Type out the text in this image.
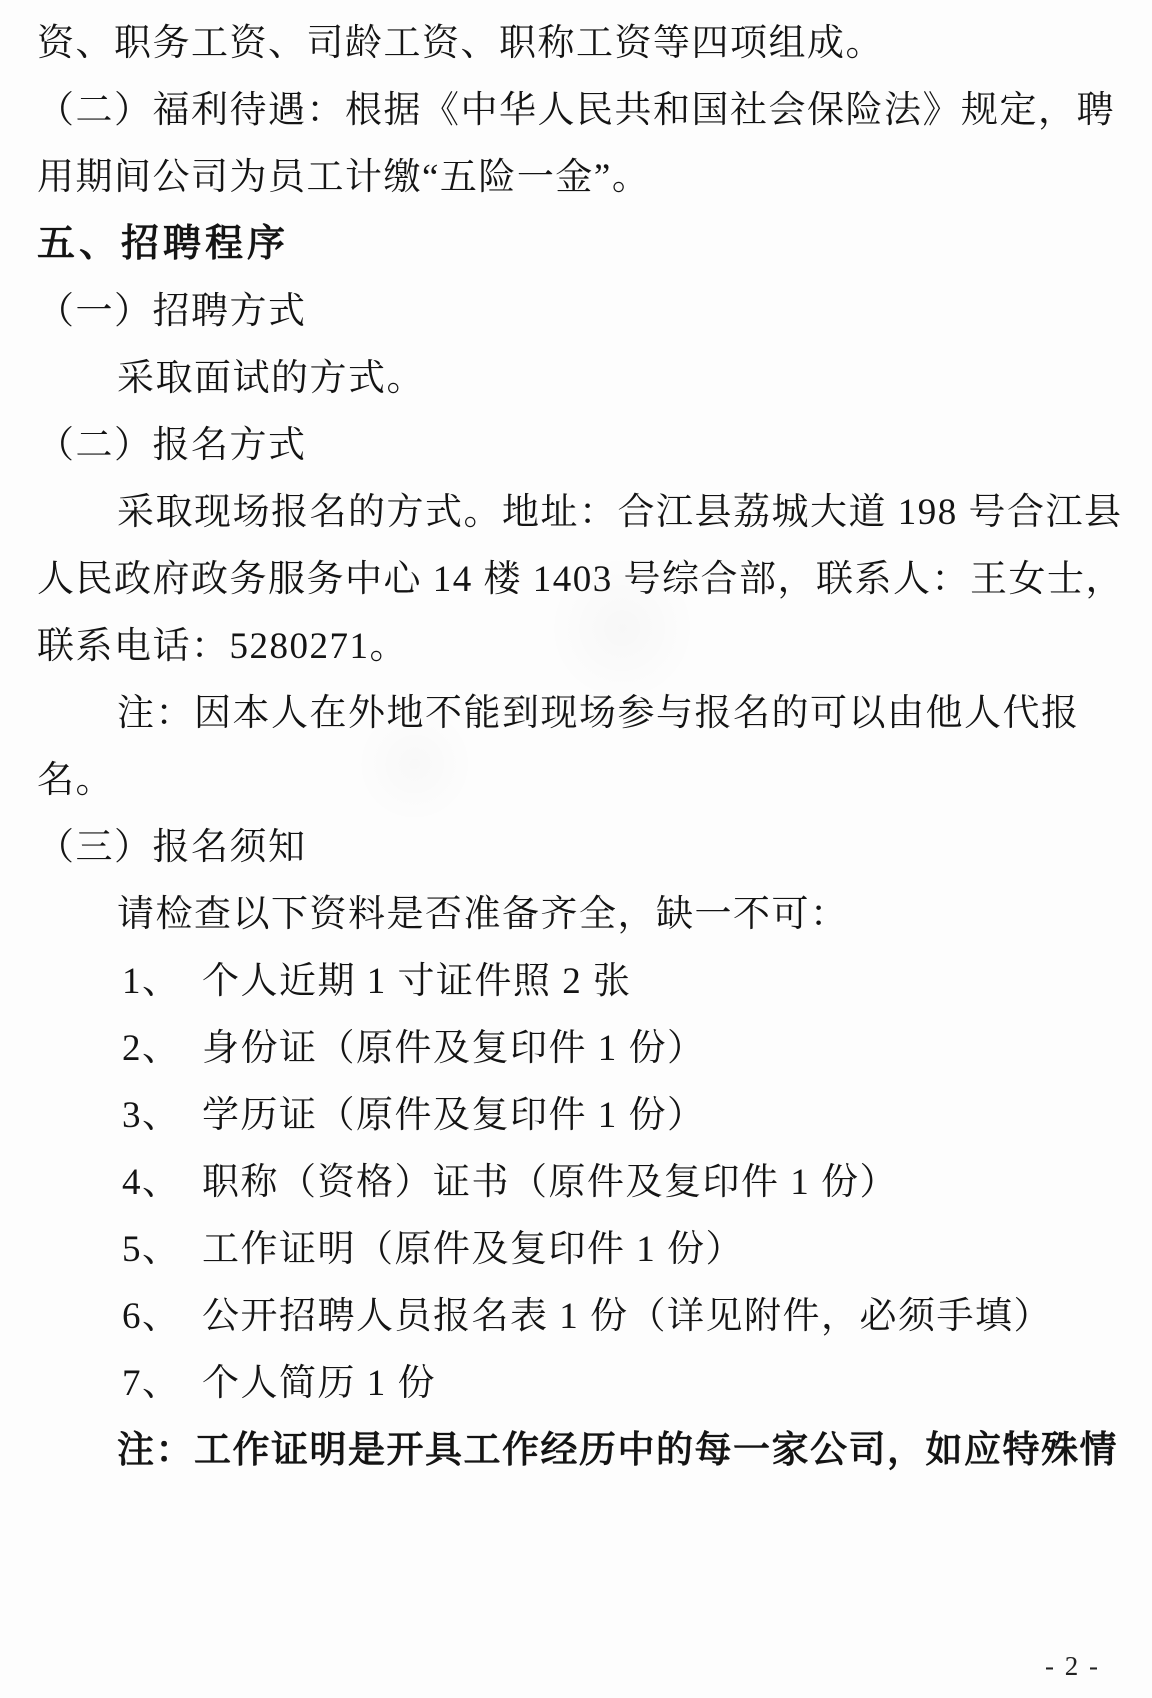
资、职务工资、司龄工资、职称工资等四项组成。
（二）福利待遇：根据《中华人民共和国社会保险法》规定，聘
用期间公司为员工计缴“五险一金”。
五、招聘程序
（一）招聘方式
采取面试的方式。
（二）报名方式
采取现场报名的方式。地址：合江县荔城大道 198 号合江县
人民政府政务服务中心 14 楼 1403 号综合部，联系人：王女士，
联系电话：5280271。
注：因本人在外地不能到现场参与报名的可以由他人代报
名。
（三）报名须知
请检查以下资料是否准备齐全，缺一不可：
1、 个人近期 1 寸证件照 2 张
2、 身份证（原件及复印件 1 份）
3、 学历证（原件及复印件 1 份）
4、 职称（资格）证书（原件及复印件 1 份）
5、 工作证明（原件及复印件 1 份）
6、 公开招聘人员报名表 1 份（详见附件，必须手填）
7、 个人简历 1 份
注：工作证明是开具工作经历中的每一家公司，如应特殊情
- 2 -
